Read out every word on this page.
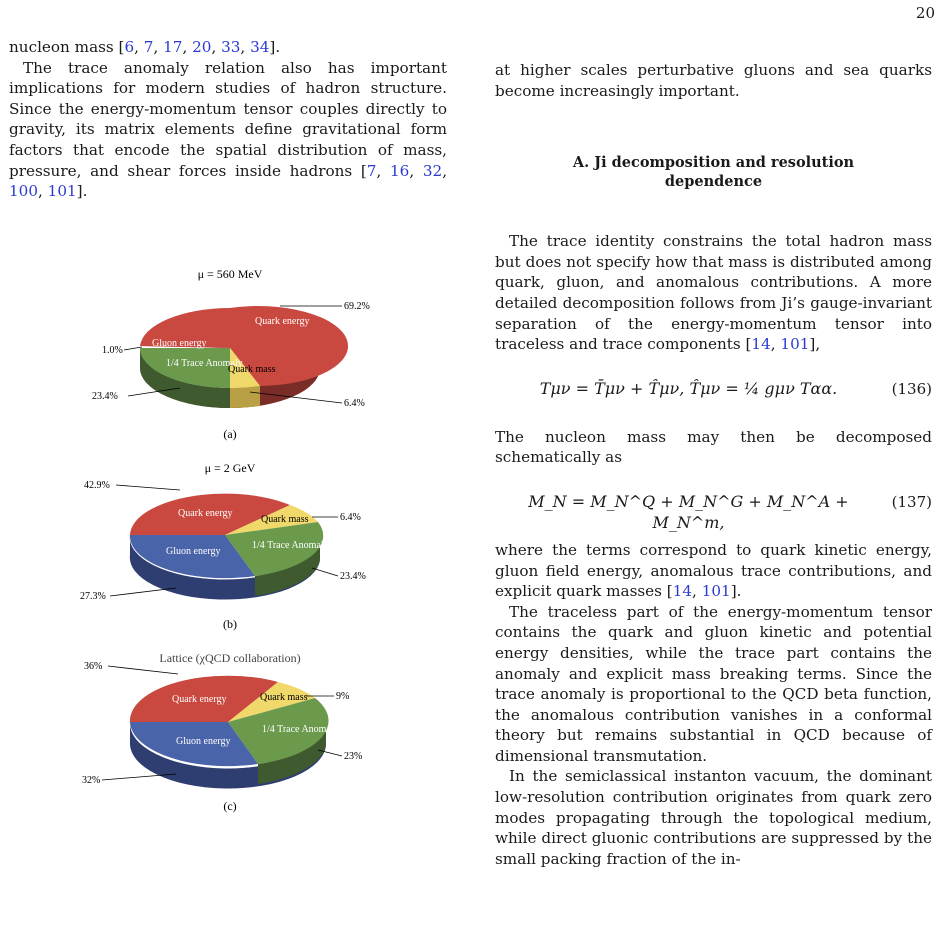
20

nucleon mass [6, 7, 17, 20, 33, 34].

The trace anomaly relation also has important implications for modern studies of hadron structure. Since the energy-momentum tensor couples directly to gravity, its matrix elements define gravitational form factors that encode the spatial distribution of mass, pressure, and shear forces inside hadrons [7, 16, 32, 100, 101].

μ = 560 MeV
Quark energy
Gluon energy
1/4 Trace Anomaly
Quark mass
69.2%
1.0%
23.4%
6.4%
(a)
μ = 2 GeV
Quark energy
Quark mass
1/4 Trace Anomaly
Gluon energy
42.9%
6.4%
23.4%
27.3%
(b)
Lattice (χQCD collaboration)
Quark energy	Quark mass
1/4 Trace Anomaly
Gluon energy
36%
9%
23%
32%
(c)

at higher scales perturbative gluons and sea quarks become increasingly important.

A. Ji decomposition and resolution dependence

The trace identity constrains the total hadron mass but does not specify how that mass is distributed among quark, gluon, and anomalous contributions. A more detailed decomposition follows from Ji’s gauge-invariant separation of the energy-momentum tensor into traceless and trace components [14, 101],

Tμν = T̄μν + T̂μν, T̂μν = ¼ gμν Tαα.	(136)

The nucleon mass may then be decomposed schematically as

M_N = M_N^Q + M_N^G + M_N^A + M_N^m,
(137)

where the terms correspond to quark kinetic energy, gluon field energy, anomalous trace contributions, and explicit quark masses [14, 101].

The traceless part of the energy-momentum tensor contains the quark and gluon kinetic and potential energy densities, while the trace part contains the anomaly and explicit mass breaking terms. Since the trace anomaly is proportional to the QCD beta function, the anomalous contribution vanishes in a conformal theory but remains substantial in QCD because of dimensional transmutation.

In the semiclassical instanton vacuum, the dominant low-resolution contribution originates from quark zero modes propagating through the topological medium, while direct gluonic contributions are suppressed by the small packing fraction of the in-
